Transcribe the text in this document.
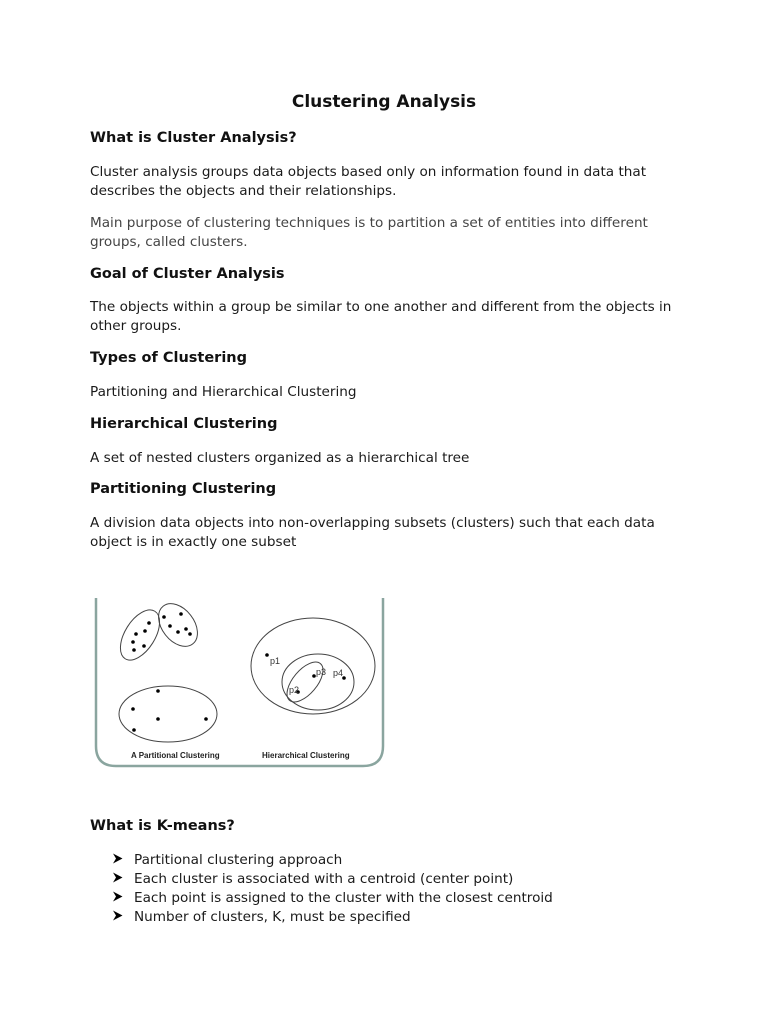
Clustering Analysis
What is Cluster Analysis?
Cluster analysis groups data objects based only on information found in data that describes the objects and their relationships.
Main purpose of clustering techniques is to partition a set of entities into different groups, called clusters.
Goal of Cluster Analysis
The objects within a group be similar to one another and different from the objects in other groups.
Types of Clustering
Partitioning and Hierarchical Clustering
Hierarchical Clustering
A set of nested clusters organized as a hierarchical tree
Partitioning Clustering
A division data objects into non-overlapping subsets (clusters) such that each data object is in exactly one subset
p1
p2
p3 p4
A Partitional Clustering	Hierarchical Clustering
What is K-means?
Partitional clustering approach
Each cluster is associated with a centroid (center point)
Each point is assigned to the cluster with the closest centroid
Number of clusters, K, must be specified
